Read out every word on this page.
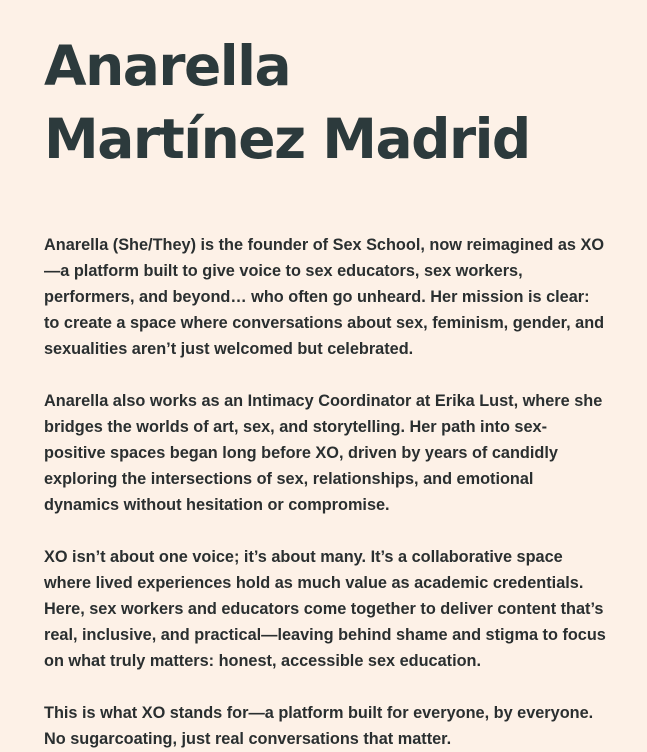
Anarella
Martínez Madrid

Anarella (She/They) is the founder of Sex School, now reimagined as XO—a platform built to give voice to sex educators, sex workers, performers, and beyond… who often go unheard. Her mission is clear: to create a space where conversations about sex, feminism, gender, and sexualities aren’t just welcomed but celebrated.

Anarella also works as an Intimacy Coordinator at Erika Lust, where she bridges the worlds of art, sex, and storytelling. Her path into sex-positive spaces began long before XO, driven by years of candidly exploring the intersections of sex, relationships, and emotional dynamics without hesitation or compromise.

XO isn’t about one voice; it’s about many. It’s a collaborative space where lived experiences hold as much value as academic credentials. Here, sex workers and educators come together to deliver content that’s real, inclusive, and practical—leaving behind shame and stigma to focus on what truly matters: honest, accessible sex education.

This is what XO stands for—a platform built for everyone, by everyone. No sugarcoating, just real conversations that matter.
